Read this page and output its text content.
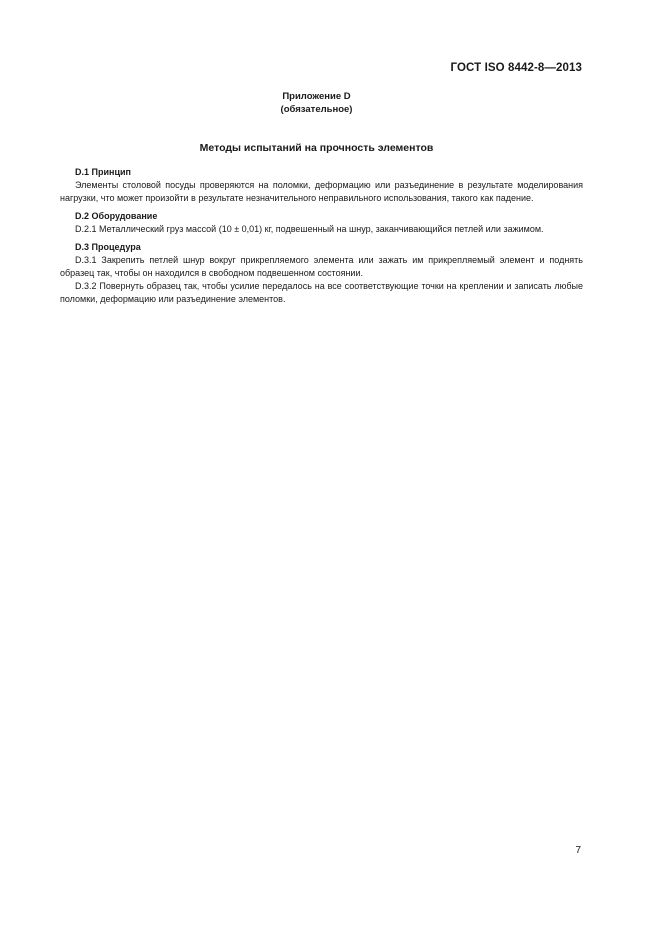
ГОСТ ISO 8442-8—2013
Приложение D
(обязательное)
Методы испытаний на прочность элементов

D.1 Принцип

Элементы столовой посуды проверяются на поломки, деформацию или разъединение в результате моделирования нагрузки, что может произойти в результате незначительного неправильного использования, такого как падение.

D.2 Оборудование

D.2.1 Металлический груз массой (10 ± 0,01) кг, подвешенный на шнур, заканчивающийся петлей или зажимом.

D.3 Процедура

D.3.1 Закрепить петлей шнур вокруг прикрепляемого элемента или зажать им прикрепляемый элемент и поднять образец так, чтобы он находился в свободном подвешенном состоянии.

D.3.2 Повернуть образец так, чтобы усилие передалось на все соответствующие точки на креплении и записать любые поломки, деформацию или разъединение элементов.

7
